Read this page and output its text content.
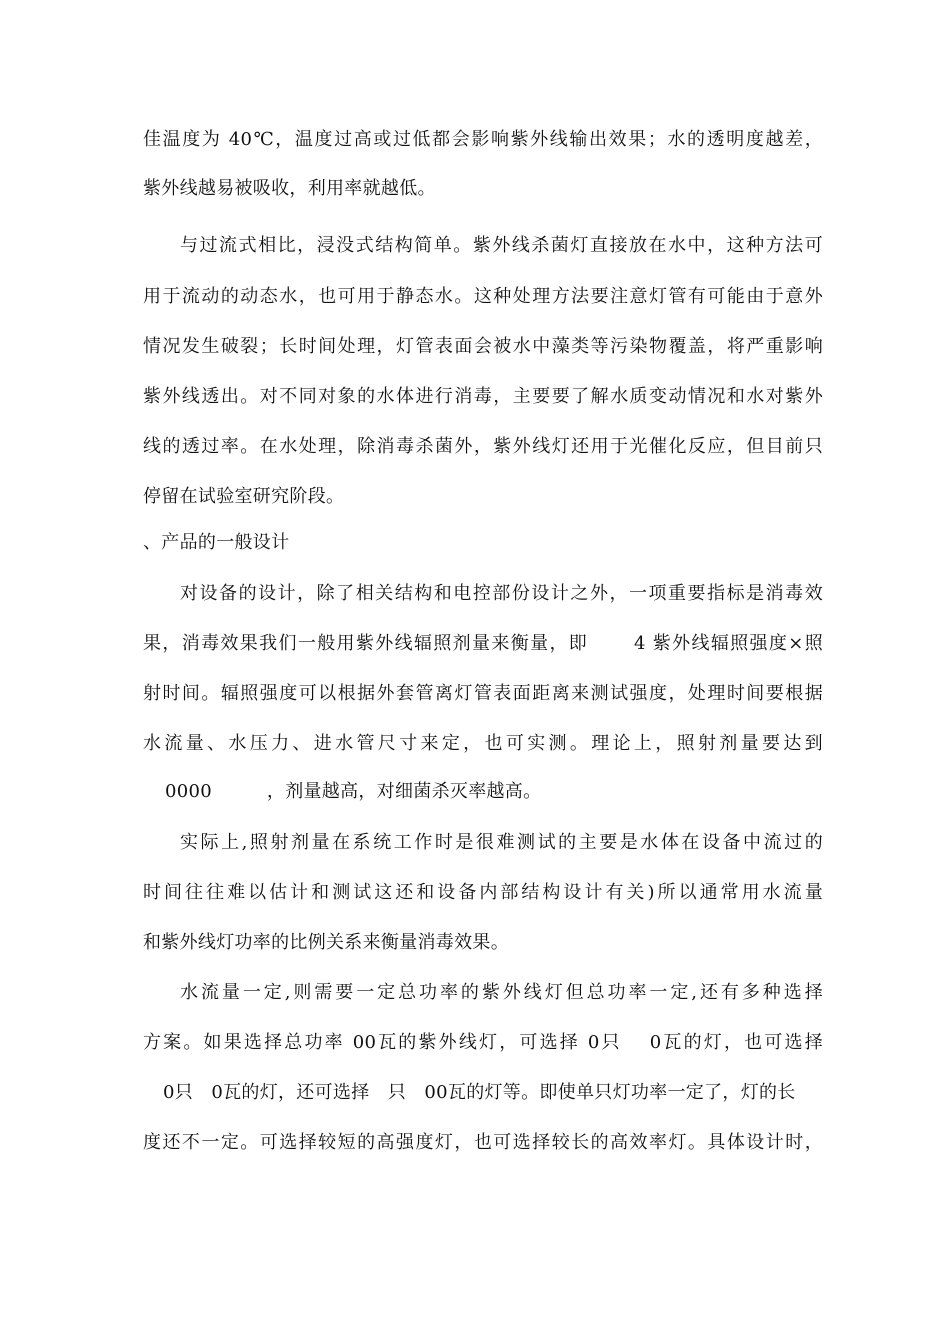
佳温度为 40℃，温度过高或过低都会影响紫外线输出效果；水的透明度越差，
紫外线越易被吸收，利用率就越低。
与过流式相比，浸没式结构简单。紫外线杀菌灯直接放在水中，这种方法可
用于流动的动态水，也可用于静态水。这种处理方法要注意灯管有可能由于意外
情况发生破裂；长时间处理，灯管表面会被水中藻类等污染物覆盖，将严重影响
紫外线透出。对不同对象的水体进行消毒，主要要了解水质变动情况和水对紫外
线的透过率。在水处理，除消毒杀菌外，紫外线灯还用于光催化反应，但目前只
停留在试验室研究阶段。
、产品的一般设计
对设备的设计，除了相关结构和电控部份设计之外，一项重要指标是消毒效
果，消毒效果我们一般用紫外线辐照剂量来衡量，即　　 4 紫外线辐照强度×照
射时间。辐照强度可以根据外套管离灯管表面距离来测试强度，处理时间要根据
水流量、水压力、进水管尺寸来定，也可实测。理论上，照射剂量要达到
0000　　　，剂量越高，对细菌杀灭率越高。
实际上,照射剂量在系统工作时是很难测试的主要是水体在设备中流过的
时间往往难以估计和测试这还和设备内部结构设计有关)所以通常用水流量
和紫外线灯功率的比例关系来衡量消毒效果。
水流量一定,则需要一定总功率的紫外线灯但总功率一定,还有多种选择
方案。如果选择总功率 00瓦的紫外线灯，可选择 0只　 0瓦的灯，也可选择
0只　0瓦的灯，还可选择　只　00瓦的灯等。即使单只灯功率一定了，灯的长
度还不一定。可选择较短的高强度灯，也可选择较长的高效率灯。具体设计时，
